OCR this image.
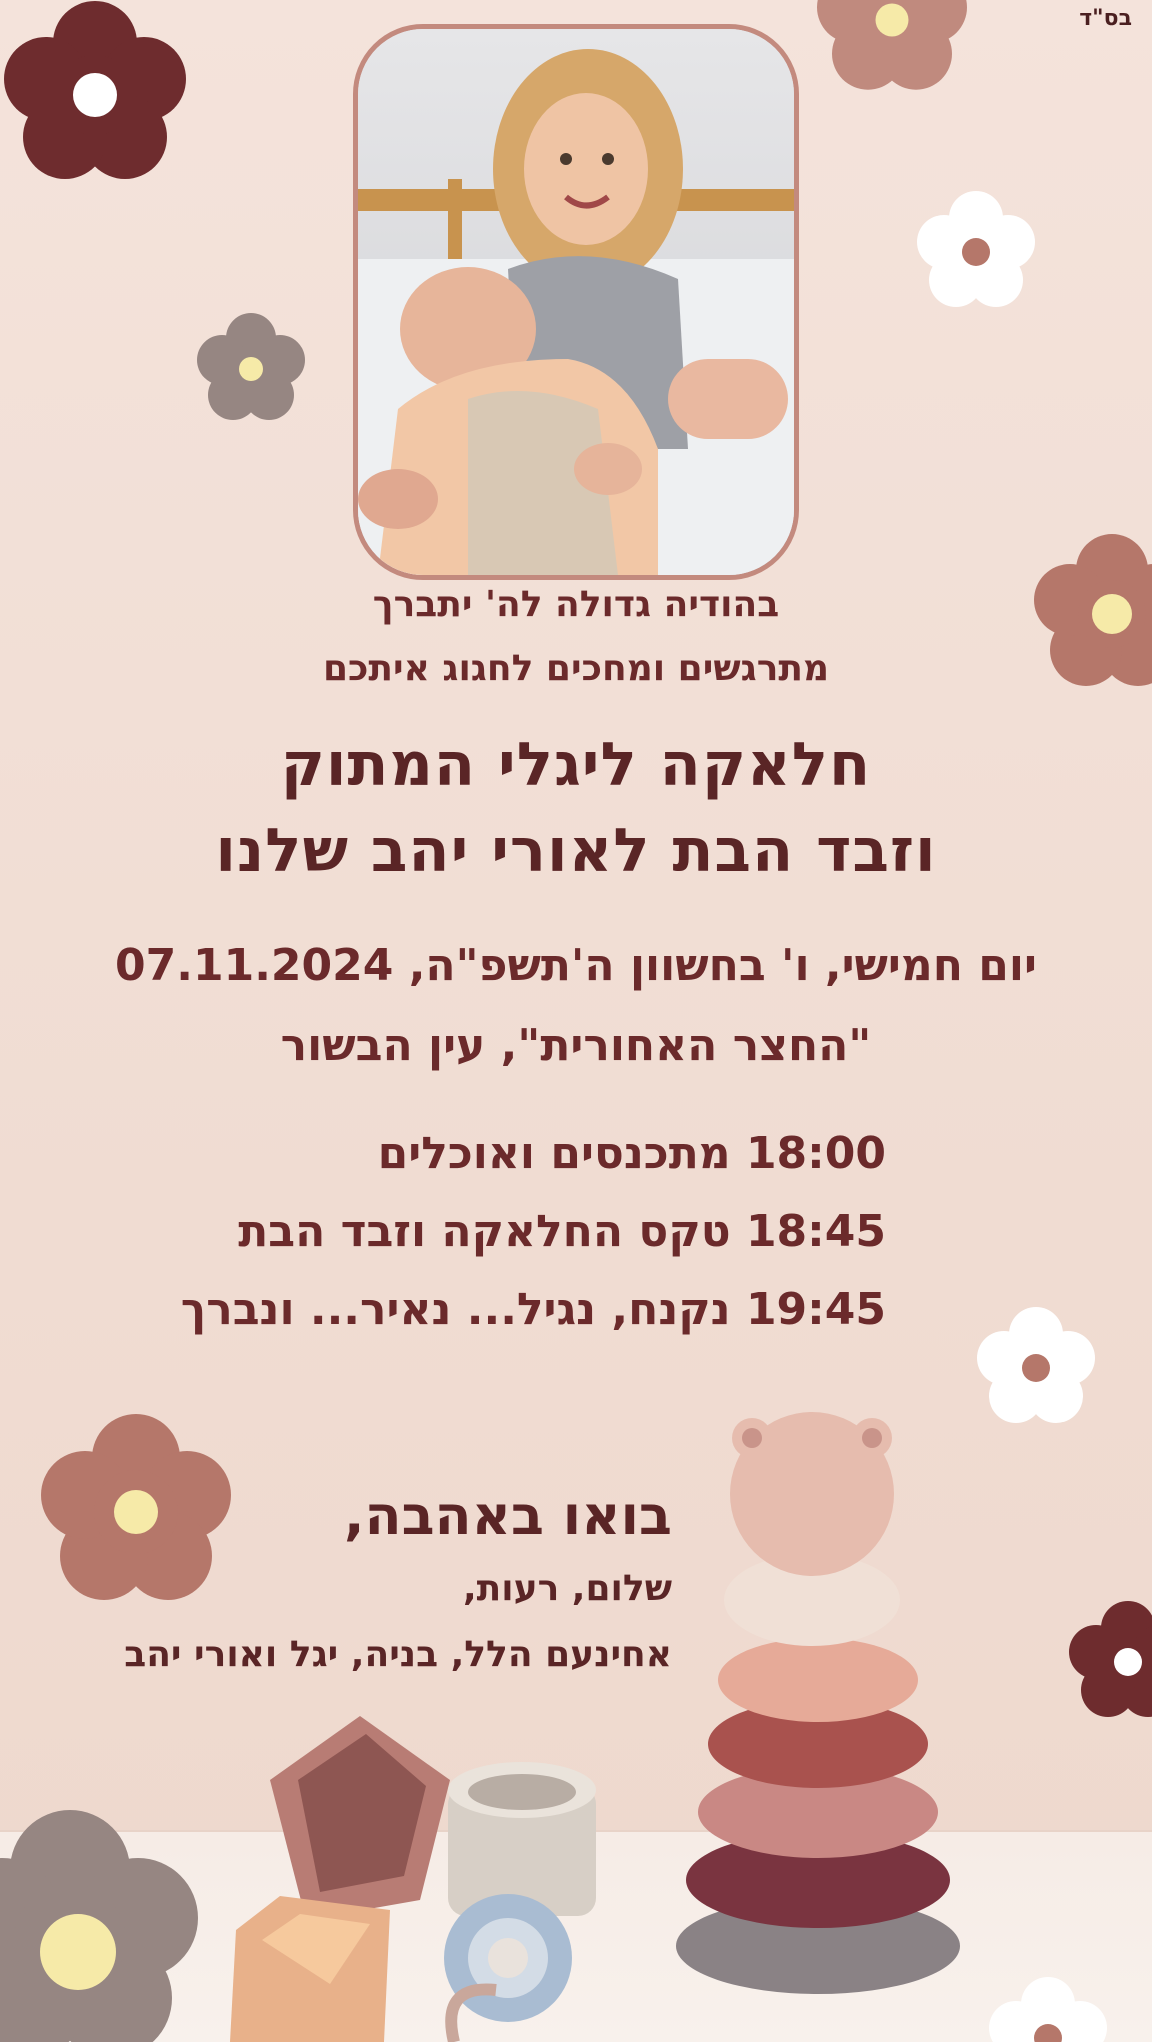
בס"ד
בהודיה גדולה לה' יתברך
מתרגשים ומחכים לחגוג איתכם
חלאקה ליגלי המתוק
וזבד הבת לאורי יהב שלנו
יום חמישי, ו' בחשוון ה'תשפ"ה, 07.11.2024
"החצר האחורית", עין הבשור
18:00 מתכנסים ואוכלים
18:45 טקס החלאקה וזבד הבת
19:45 נקנח, נגיל... נאיר... ונברך
בואו באהבה,
שלום, רעות,
אחינעם הלל, בניה, יגל ואורי יהב
